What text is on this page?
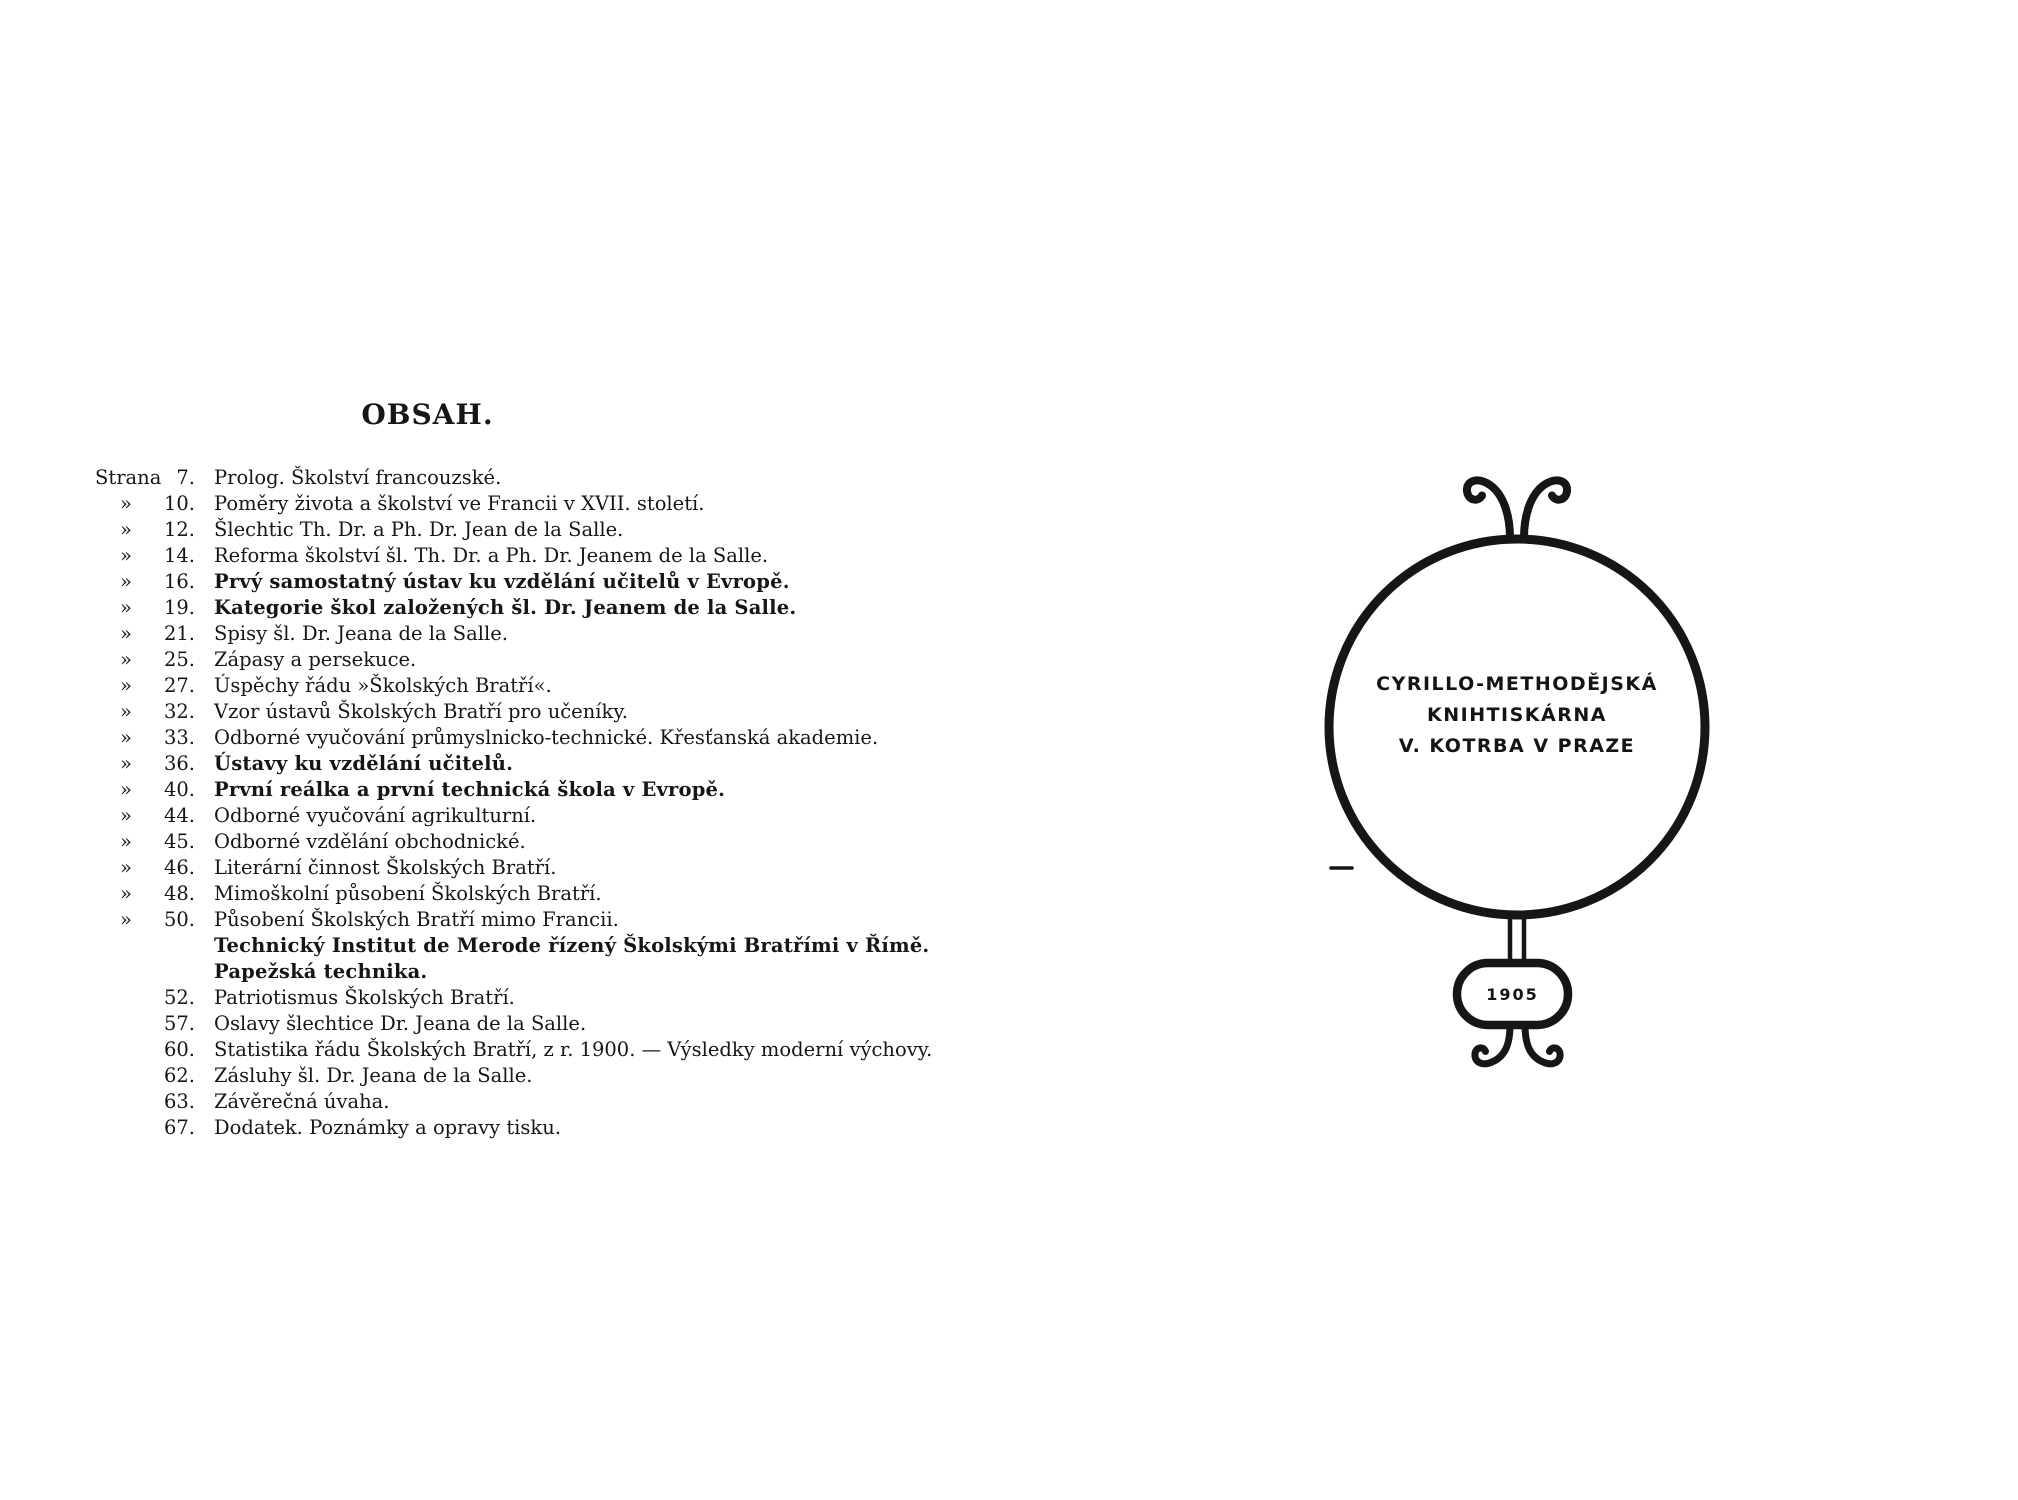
OBSAH.
Strana 7. Prolog. Školství francouzské.
»	10. Poměry života a školství ve Francii v XVII. století.
»	12. Šlechtic Th. Dr. a Ph. Dr. Jean de la Salle.
»	14. Reforma školství šl. Th. Dr. a Ph. Dr. Jeanem de la Salle.
»	16. Prvý samostatný ústav ku vzdělání učitelů v Evropě.
»	19. Kategorie škol založených šl. Dr. Jeanem de la Salle.
»	21. Spisy šl. Dr. Jeana de la Salle.
»	25. Zápasy a persekuce.
»	27. Úspěchy řádu »Školských Bratří«.
»	32. Vzor ústavů Školských Bratří pro učeníky.
»	33. Odborné vyučování průmyslnicko-technické. Křesťanská akademie.
»	36. Ústavy ku vzdělání učitelů.
»	40. První reálka a první technická škola v Evropě.
»	44. Odborné vyučování agrikulturní.
»	45. Odborné vzdělání obchodnické.
»	46. Literární činnost Školských Bratří.
»	48. Mimoškolní působení Školských Bratří.
»	50. Působení Školských Bratří mimo Francii.
Technický Institut de Merode řízený Školskými Bratřími v Římě.
Papežská technika.
52. Patriotismus Školských Bratří.
57. Oslavy šlechtice Dr. Jeana de la Salle.
60. Statistika řádu Školských Bratří, z r. 1900. — Výsledky moderní výchovy.
62. Zásluhy šl. Dr. Jeana de la Salle.
63. Závěrečná úvaha.
67. Dodatek. Poznámky a opravy tisku.
CYRILLO-METHODĚJSKÁ
KNIHTISKÁRNA
V. KOTRBA V PRAZE
1905
